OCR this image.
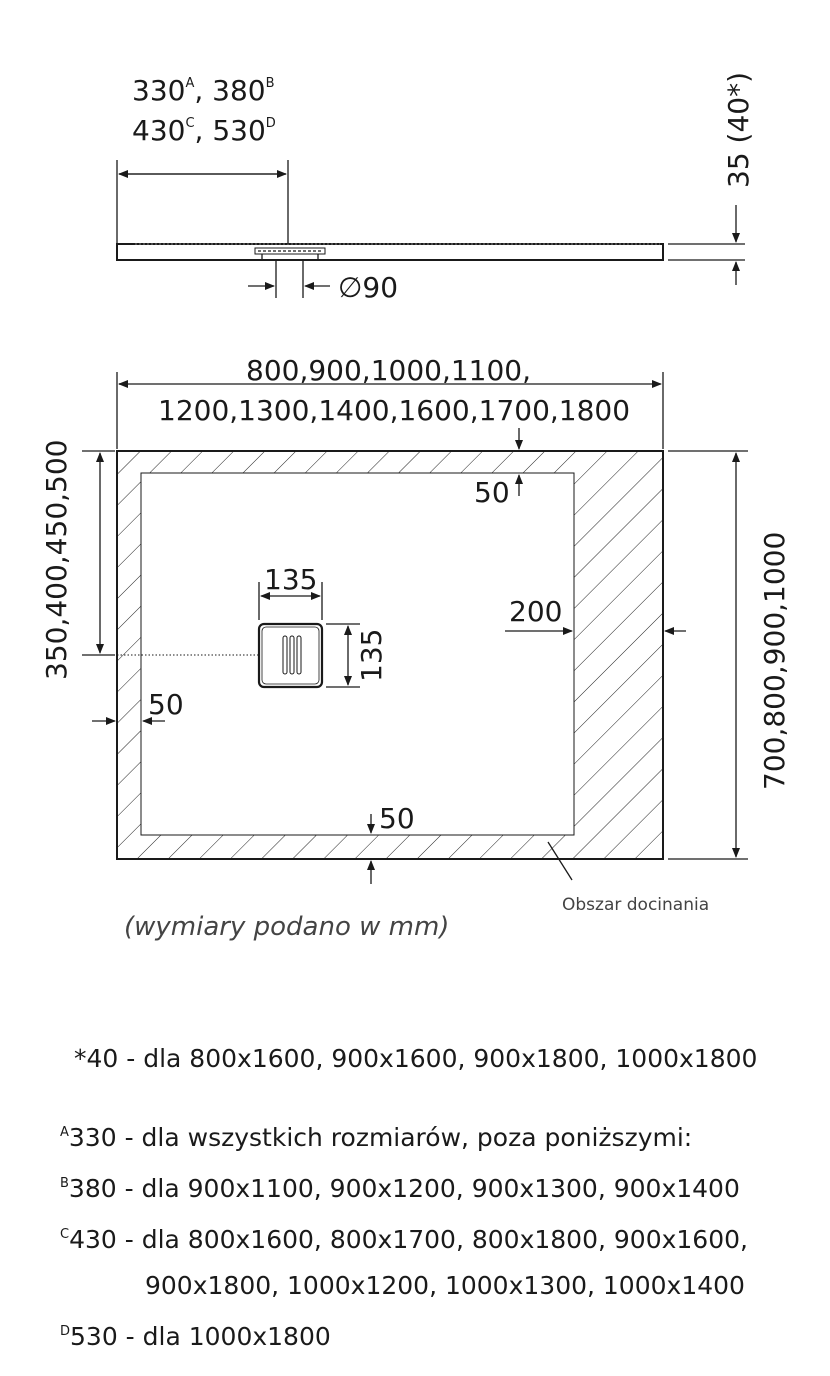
$330^A$, $380^B$
$430^C$, $530^D$
∅90
35 (40*)
800,900,1000,1100,
1200,1300,1400,1600,1700,1800
350,400,450,500	700,800,900,1000
135
135
50
50
50
200
Obszar docinania
(wymiary podano w mm)
*40 - dla 800x1600, 900x1600, 900x1800, 1000x1800
$^A$330 - dla wszystkich rozmiarów, poza poniższymi:
$^B$380 - dla 900x1100, 900x1200, 900x1300, 900x1400
$^C$430 - dla 800x1600, 800x1700, 800x1800, 900x1600,
900x1800, 1000x1200, 1000x1300, 1000x1400
$^D$530 - dla 1000x1800
